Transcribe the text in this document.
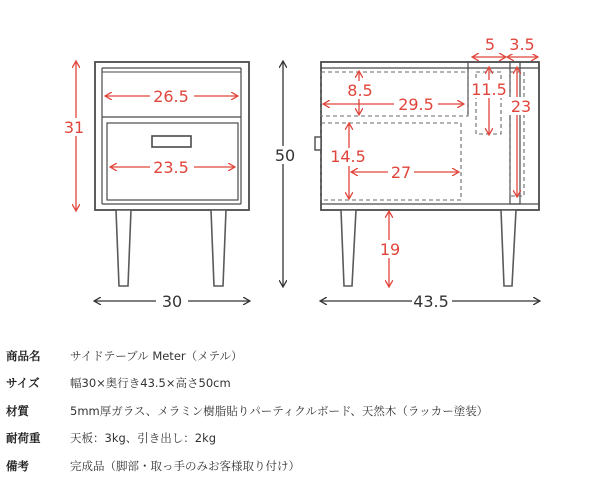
26.5
23.5
31
30
50
8.5
29.5
5 3.5
11.5
23
14.5
27
19
43.5
商品名	サイドテーブル Meter（メテル）
サイズ	幅30×奥行き43.5×高さ50cm
材質	5mm厚ガラス、メラミン樹脂貼りパーティクルボード、天然木（ラッカー塗装）
耐荷重	天板：3kg、引き出し：2kg
備考	完成品（脚部・取っ手のみお客様取り付け）
